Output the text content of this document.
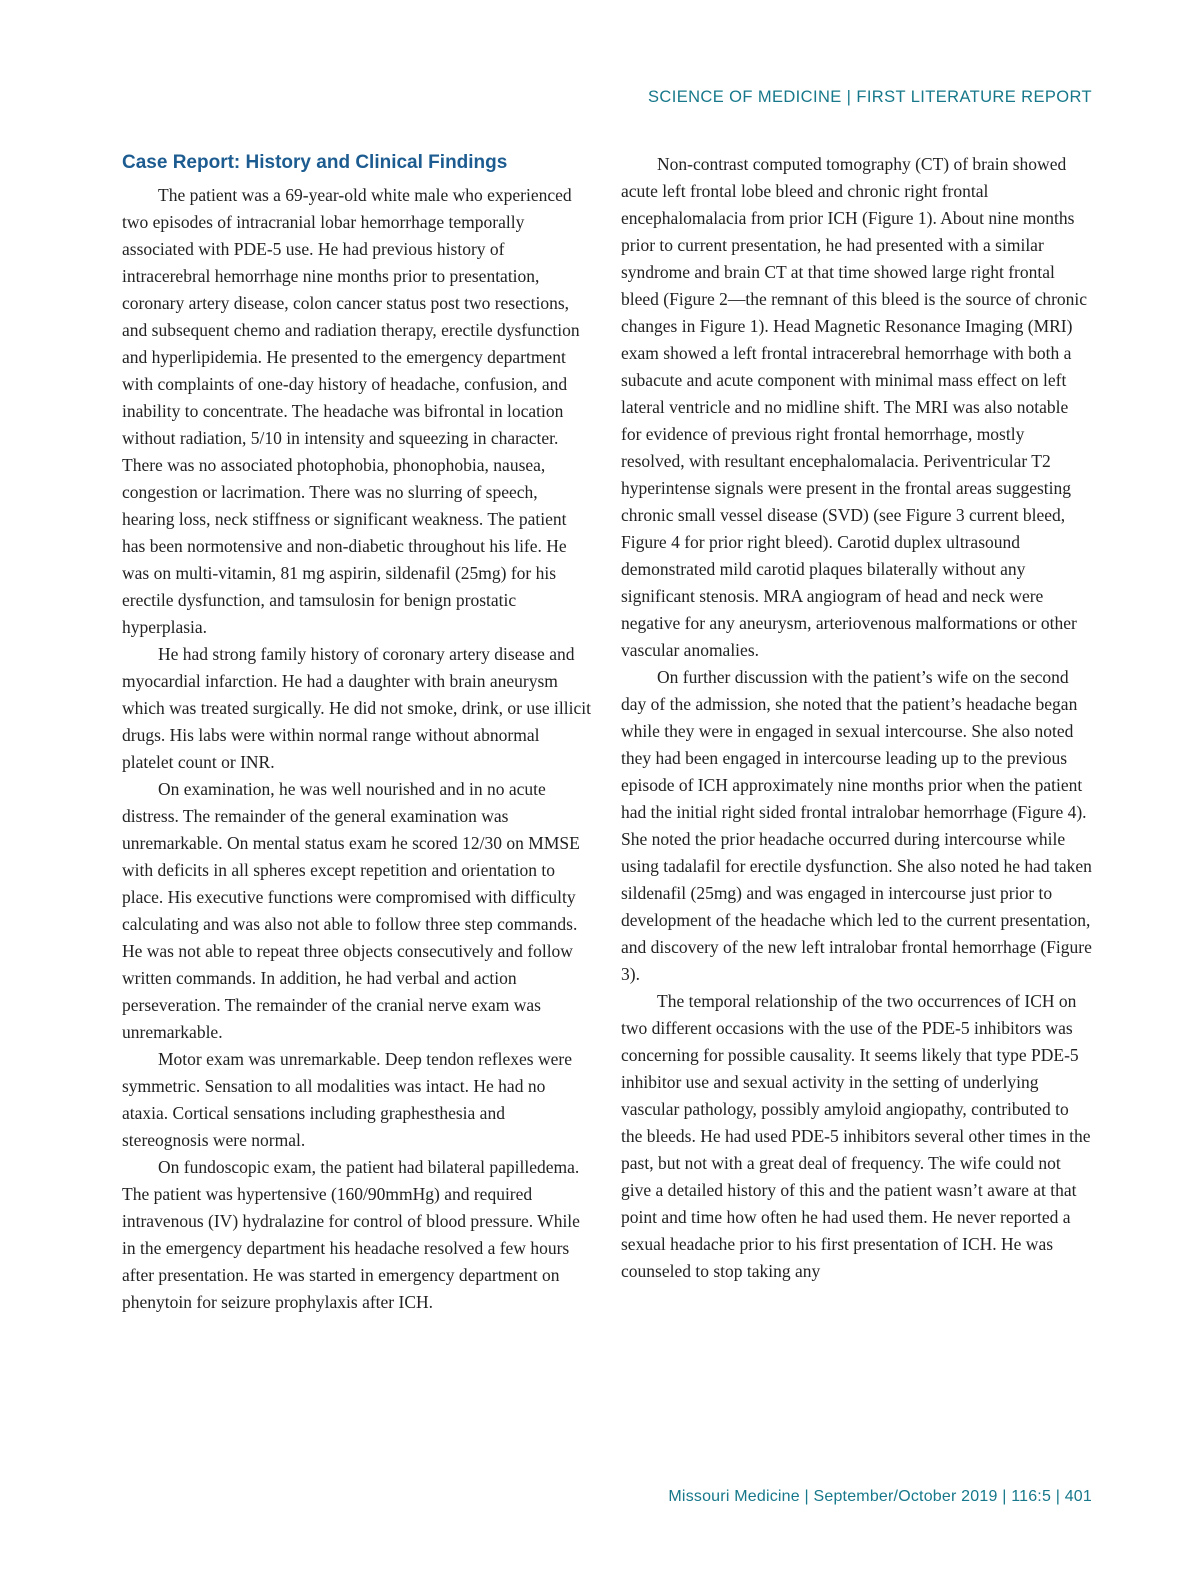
SCIENCE OF MEDICINE | FIRST LITERATURE REPORT
Case Report: History and Clinical Findings

The patient was a 69-year-old white male who experienced two episodes of intracranial lobar hemorrhage temporally associated with PDE-5 use. He had previous history of intracerebral hemorrhage nine months prior to presentation, coronary artery disease, colon cancer status post two resections, and subsequent chemo and radiation therapy, erectile dysfunction and hyperlipidemia. He presented to the emergency department with complaints of one-day history of headache, confusion, and inability to concentrate. The headache was bifrontal in location without radiation, 5/10 in intensity and squeezing in character. There was no associated photophobia, phonophobia, nausea, congestion or lacrimation. There was no slurring of speech, hearing loss, neck stiffness or significant weakness. The patient has been normotensive and non-diabetic throughout his life. He was on multi-vitamin, 81 mg aspirin, sildenafil (25mg) for his erectile dysfunction, and tamsulosin for benign prostatic hyperplasia.

He had strong family history of coronary artery disease and myocardial infarction. He had a daughter with brain aneurysm which was treated surgically. He did not smoke, drink, or use illicit drugs. His labs were within normal range without abnormal platelet count or INR.

On examination, he was well nourished and in no acute distress. The remainder of the general examination was unremarkable. On mental status exam he scored 12/30 on MMSE with deficits in all spheres except repetition and orientation to place. His executive functions were compromised with difficulty calculating and was also not able to follow three step commands. He was not able to repeat three objects consecutively and follow written commands. In addition, he had verbal and action perseveration. The remainder of the cranial nerve exam was unremarkable.

Motor exam was unremarkable. Deep tendon reflexes were symmetric. Sensation to all modalities was intact. He had no ataxia. Cortical sensations including graphesthesia and stereognosis were normal.

On fundoscopic exam, the patient had bilateral papilledema. The patient was hypertensive (160/90mmHg) and required intravenous (IV) hydralazine for control of blood pressure. While in the emergency department his headache resolved a few hours after presentation. He was started in emergency department on phenytoin for seizure prophylaxis after ICH.

Non-contrast computed tomography (CT) of brain showed acute left frontal lobe bleed and chronic right frontal encephalomalacia from prior ICH (Figure 1). About nine months prior to current presentation, he had presented with a similar syndrome and brain CT at that time showed large right frontal bleed (Figure 2—the remnant of this bleed is the source of chronic changes in Figure 1). Head Magnetic Resonance Imaging (MRI) exam showed a left frontal intracerebral hemorrhage with both a subacute and acute component with minimal mass effect on left lateral ventricle and no midline shift. The MRI was also notable for evidence of previous right frontal hemorrhage, mostly resolved, with resultant encephalomalacia. Periventricular T2 hyperintense signals were present in the frontal areas suggesting chronic small vessel disease (SVD) (see Figure 3 current bleed, Figure 4 for prior right bleed). Carotid duplex ultrasound demonstrated mild carotid plaques bilaterally without any significant stenosis. MRA angiogram of head and neck were negative for any aneurysm, arteriovenous malformations or other vascular anomalies.

On further discussion with the patient’s wife on the second day of the admission, she noted that the patient’s headache began while they were in engaged in sexual intercourse. She also noted they had been engaged in intercourse leading up to the previous episode of ICH approximately nine months prior when the patient had the initial right sided frontal intralobar hemorrhage (Figure 4). She noted the prior headache occurred during intercourse while using tadalafil for erectile dysfunction. She also noted he had taken sildenafil (25mg) and was engaged in intercourse just prior to development of the headache which led to the current presentation, and discovery of the new left intralobar frontal hemorrhage (Figure 3).

The temporal relationship of the two occurrences of ICH on two different occasions with the use of the PDE-5 inhibitors was concerning for possible causality. It seems likely that type PDE-5 inhibitor use and sexual activity in the setting of underlying vascular pathology, possibly amyloid angiopathy, contributed to the bleeds. He had used PDE-5 inhibitors several other times in the past, but not with a great deal of frequency. The wife could not give a detailed history of this and the patient wasn’t aware at that point and time how often he had used them. He never reported a sexual headache prior to his first presentation of ICH. He was counseled to stop taking any

Missouri Medicine | September/October 2019 | 116:5 | 401
